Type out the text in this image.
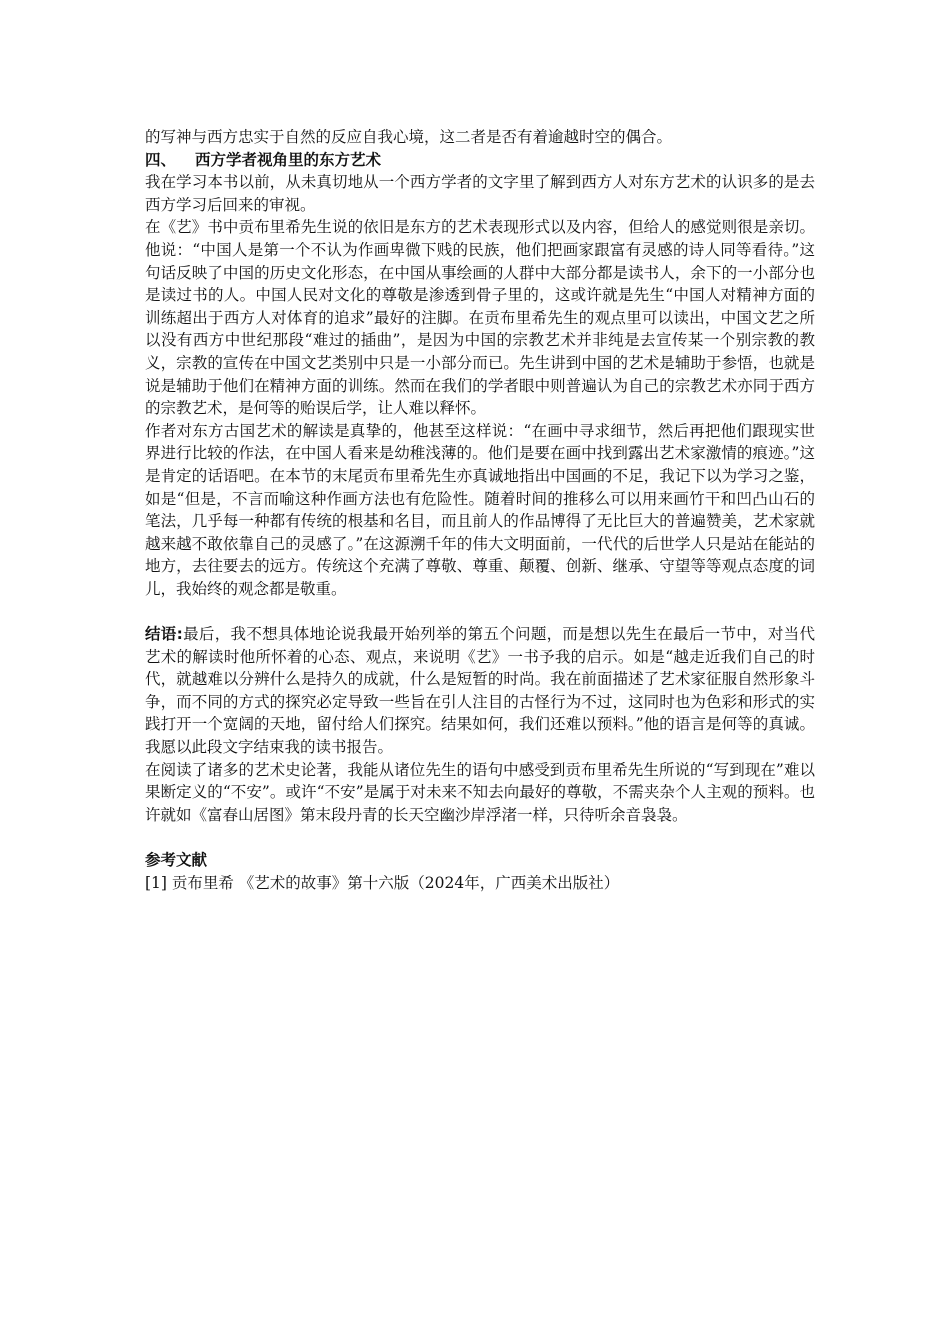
的写神与西方忠实于自然的反应自我心境，这二者是否有着逾越时空的偶合。

四、 西方学者视角里的东方艺术

我在学习本书以前，从未真切地从一个西方学者的文字里了解到西方人对东方艺术的认识多的是去西方学习后回来的审视。

在《艺》书中贡布里希先生说的依旧是东方的艺术表现形式以及内容，但给人的感觉则很是亲切。他说：“中国人是第一个不认为作画卑微下贱的民族，他们把画家跟富有灵感的诗人同等看待。”这句话反映了中国的历史文化形态，在中国从事绘画的人群中大部分都是读书人，余下的一小部分也是读过书的人。中国人民对文化的尊敬是渗透到骨子里的，这或许就是先生“中国人对精神方面的训练超出于西方人对体育的追求”最好的注脚。在贡布里希先生的观点里可以读出，中国文艺之所以没有西方中世纪那段“难过的插曲”，是因为中国的宗教艺术并非纯是去宣传某一个别宗教的教义，宗教的宣传在中国文艺类别中只是一小部分而已。先生讲到中国的艺术是辅助于参悟，也就是说是辅助于他们在精神方面的训练。然而在我们的学者眼中则普遍认为自己的宗教艺术亦同于西方的宗教艺术，是何等的贻误后学，让人难以释怀。

作者对东方古国艺术的解读是真挚的，他甚至这样说：“在画中寻求细节，然后再把他们跟现实世界进行比较的作法，在中国人看来是幼稚浅薄的。他们是要在画中找到露出艺术家激情的痕迹。”这是肯定的话语吧。在本节的末尾贡布里希先生亦真诚地指出中国画的不足，我记下以为学习之鉴，如是“但是，不言而喻这种作画方法也有危险性。随着时间的推移么可以用来画竹干和凹凸山石的笔法，几乎每一种都有传统的根基和名目，而且前人的作品博得了无比巨大的普遍赞美，艺术家就越来越不敢依靠自己的灵感了。”在这源溯千年的伟大文明面前，一代代的后世学人只是站在能站的地方，去往要去的远方。传统这个充满了尊敬、尊重、颠覆、创新、继承、守望等等观点态度的词儿，我始终的观念都是敬重。

结语:最后，我不想具体地论说我最开始列举的第五个问题，而是想以先生在最后一节中，对当代艺术的解读时他所怀着的心态、观点，来说明《艺》一书予我的启示。如是“越走近我们自己的时代，就越难以分辨什么是持久的成就，什么是短暂的时尚。我在前面描述了艺术家征服自然形象斗争，而不同的方式的探究必定导致一些旨在引人注目的古怪行为不过，这同时也为色彩和形式的实践打开一个宽阔的天地，留付给人们探究。结果如何，我们还难以预料。”他的语言是何等的真诚。我愿以此段文字结束我的读书报告。

在阅读了诸多的艺术史论著，我能从诸位先生的语句中感受到贡布里希先生所说的“写到现在”难以果断定义的“不安”。或许“不安”是属于对未来不知去向最好的尊敬，不需夹杂个人主观的预料。也许就如《富春山居图》第末段丹青的长天空幽沙岸浮渚一样，只待听余音袅袅。

参考文献

[1] 贡布里希 《艺术的故事》第十六版（2024年，广西美术出版社）
